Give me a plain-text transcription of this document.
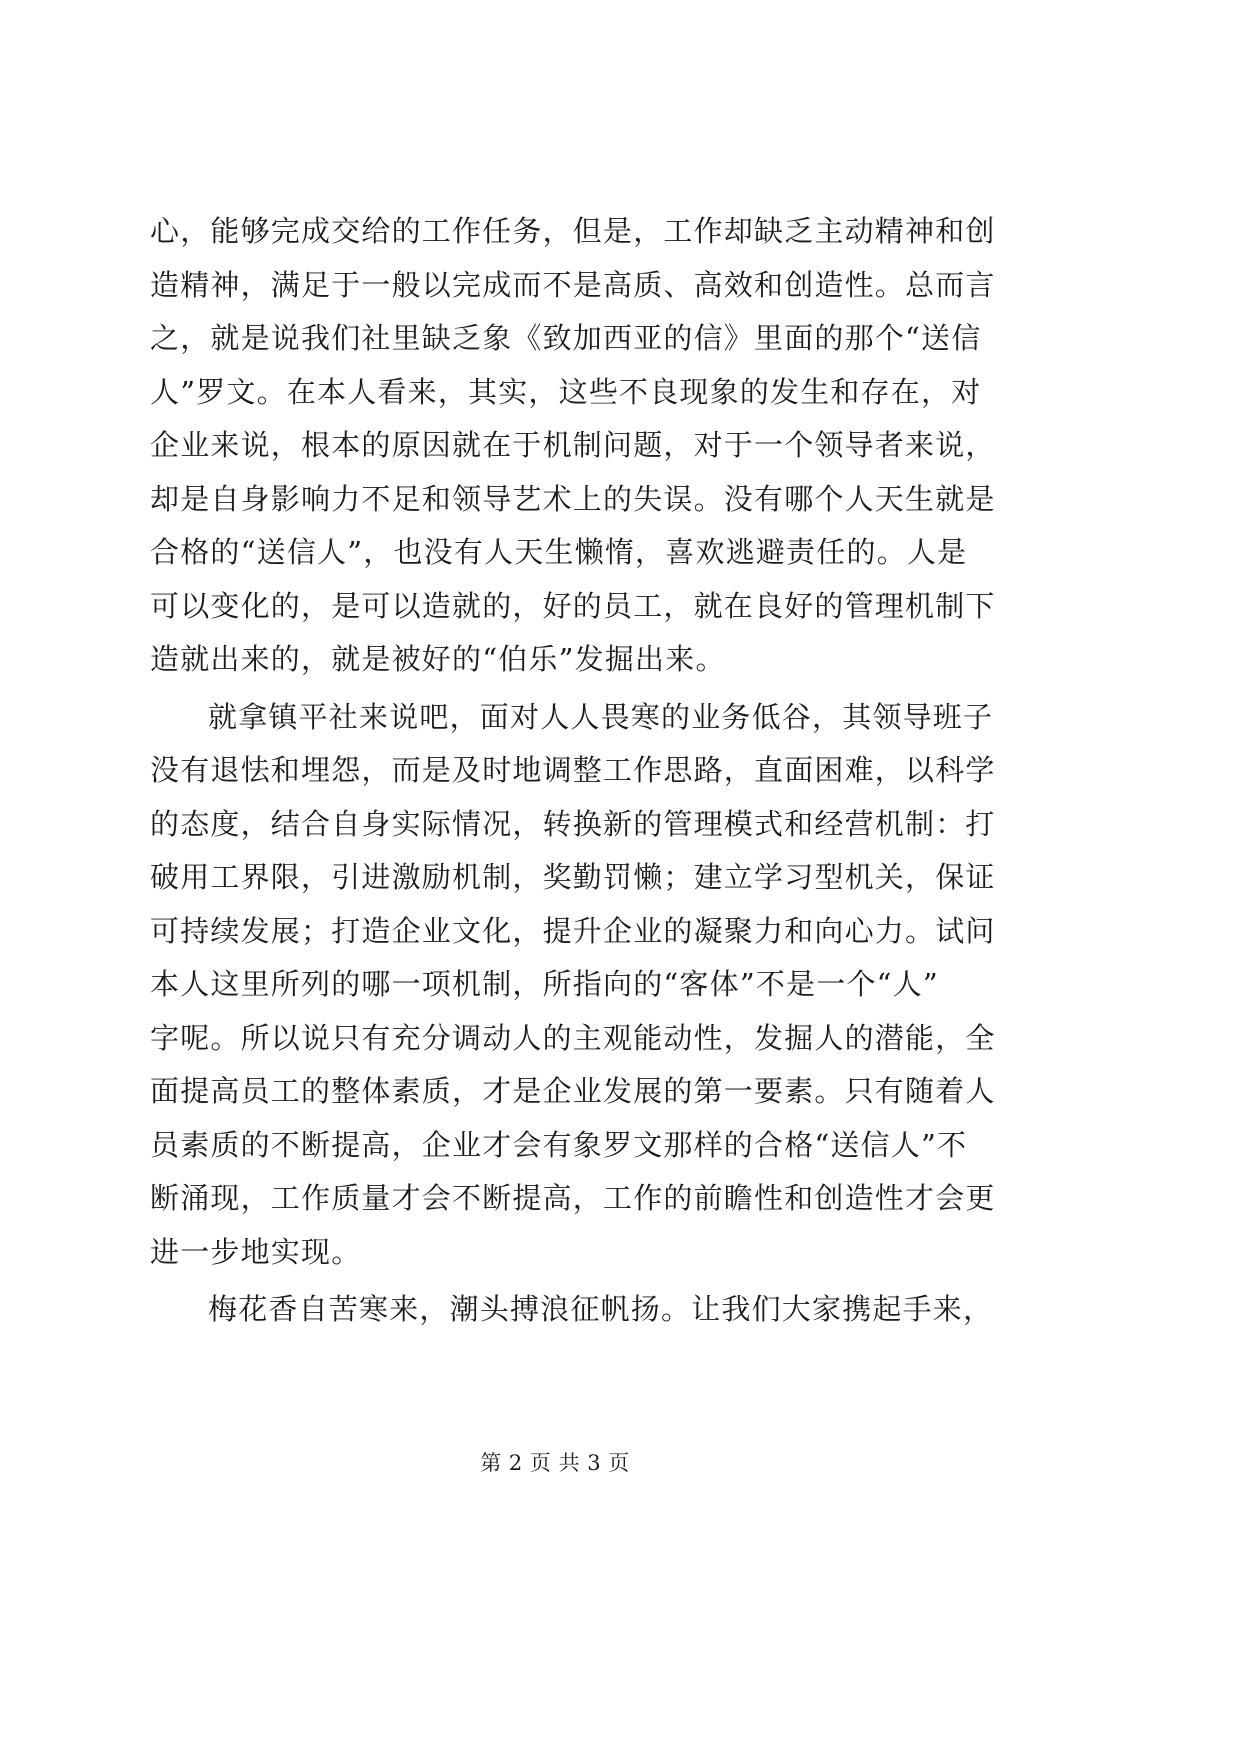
心，能够完成交给的工作任务，但是，工作却缺乏主动精神和创
造精神，满足于一般以完成而不是高质、高效和创造性。总而言
之，就是说我们社里缺乏象《致加西亚的信》里面的那个“送信
人”罗文。在本人看来，其实，这些不良现象的发生和存在，对
企业来说，根本的原因就在于机制问题，对于一个领导者来说，
却是自身影响力不足和领导艺术上的失误。没有哪个人天生就是
合格的“送信人”，也没有人天生懒惰，喜欢逃避责任的。人是
可以变化的，是可以造就的，好的员工，就在良好的管理机制下
造就出来的，就是被好的“伯乐”发掘出来。
就拿镇平社来说吧，面对人人畏寒的业务低谷，其领导班子
没有退怯和埋怨，而是及时地调整工作思路，直面困难，以科学
的态度，结合自身实际情况，转换新的管理模式和经营机制：打
破用工界限，引进激励机制，奖勤罚懒；建立学习型机关，保证
可持续发展；打造企业文化，提升企业的凝聚力和向心力。试问
本人这里所列的哪一项机制，所指向的“客体”不是一个“人”
字呢。所以说只有充分调动人的主观能动性，发掘人的潜能，全
面提高员工的整体素质，才是企业发展的第一要素。只有随着人
员素质的不断提高，企业才会有象罗文那样的合格“送信人”不
断涌现，工作质量才会不断提高，工作的前瞻性和创造性才会更
进一步地实现。
梅花香自苦寒来，潮头搏浪征帆扬。让我们大家携起手来，
第 2 页 共 3 页
